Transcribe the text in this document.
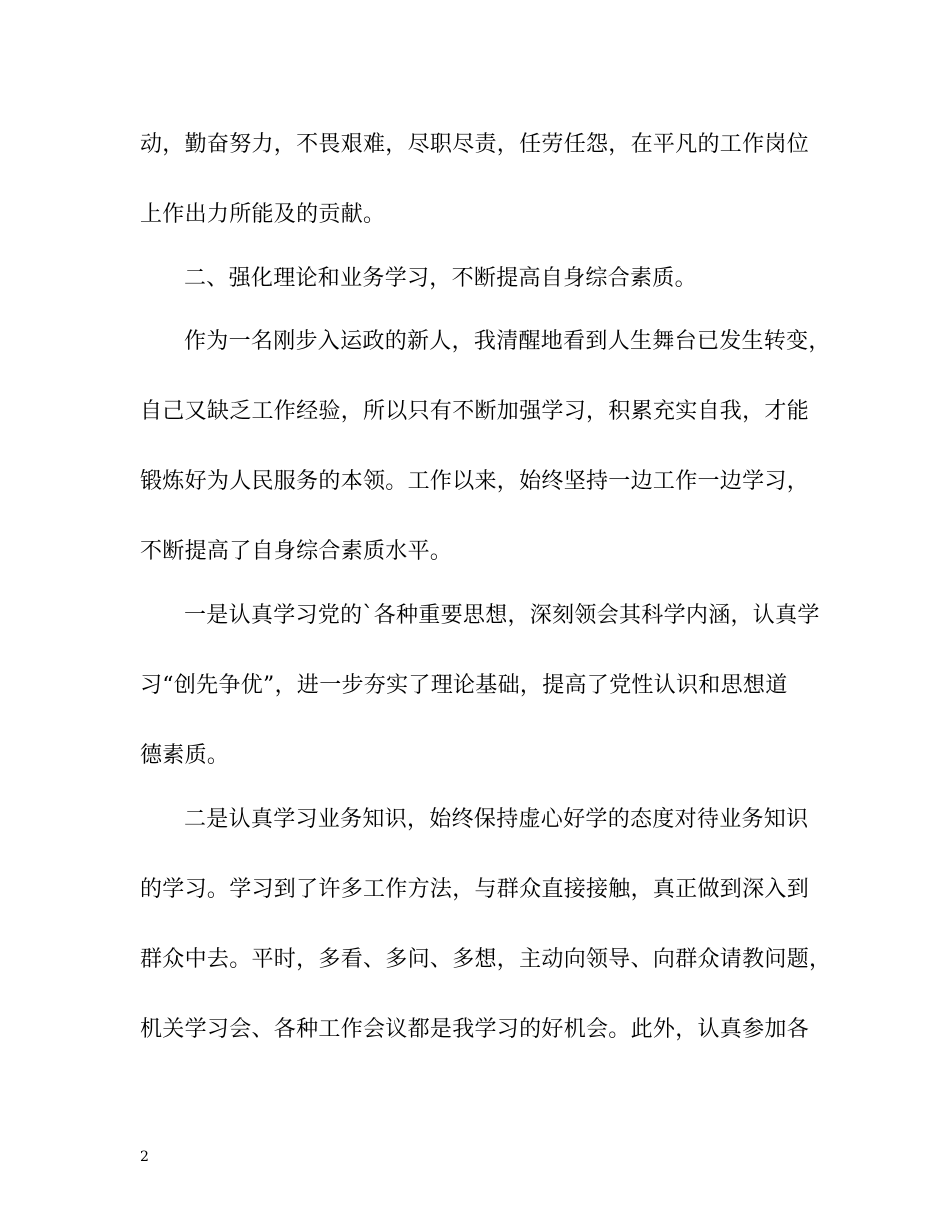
动，勤奋努力，不畏艰难，尽职尽责，任劳任怨，在平凡的工作岗位
上作出力所能及的贡献。
二、强化理论和业务学习，不断提高自身综合素质。
作为一名刚步入运政的新人，我清醒地看到人生舞台已发生转变，
自己又缺乏工作经验，所以只有不断加强学习，积累充实自我，才能
锻炼好为人民服务的本领。工作以来，始终坚持一边工作一边学习，
不断提高了自身综合素质水平。
一是认真学习党的`各种重要思想，深刻领会其科学内涵，认真学
习“创先争优”，进一步夯实了理论基础，提高了党性认识和思想道
德素质。
二是认真学习业务知识，始终保持虚心好学的态度对待业务知识
的学习。学习到了许多工作方法，与群众直接接触，真正做到深入到
群众中去。平时，多看、多问、多想，主动向领导、向群众请教问题，
机关学习会、各种工作会议都是我学习的好机会。此外，认真参加各
2
